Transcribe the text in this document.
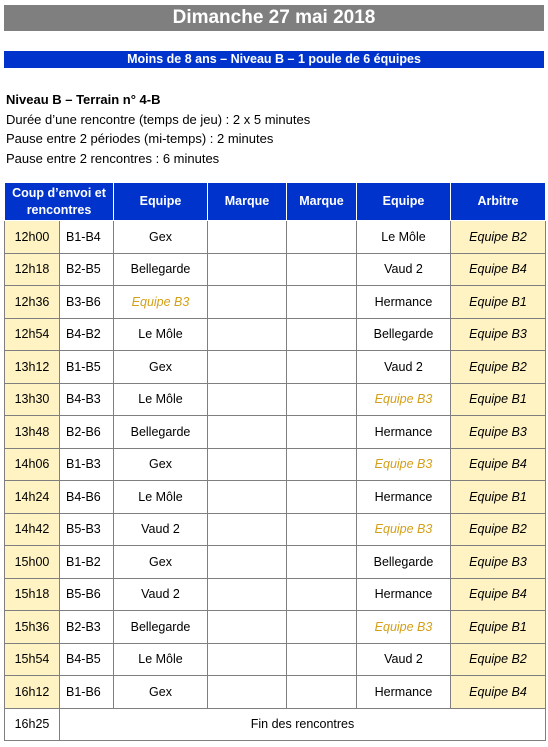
Dimanche 27 mai 2018
Moins de 8 ans – Niveau B – 1 poule de 6 équipes
Niveau B – Terrain n° 4-B
Durée d’une rencontre (temps de jeu) : 2 x 5 minutes
Pause entre 2 périodes (mi-temps) : 2 minutes
Pause entre 2 rencontres : 6 minutes
Coup d’envoi et rencontres		Equipe	Marque	Marque	Equipe	Arbitre
12h00	B1-B4	Gex			Le Môle	Equipe B2
12h18	B2-B5	Bellegarde			Vaud 2	Equipe B4
12h36	B3-B6	Equipe B3			Hermance	Equipe B1
12h54	B4-B2	Le Môle			Bellegarde	Equipe B3
13h12	B1-B5	Gex			Vaud 2	Equipe B2
13h30	B4-B3	Le Môle			Equipe B3	Equipe B1
13h48	B2-B6	Bellegarde			Hermance	Equipe B3
14h06	B1-B3	Gex			Equipe B3	Equipe B4
14h24	B4-B6	Le Môle			Hermance	Equipe B1
14h42	B5-B3	Vaud 2			Equipe B3	Equipe B2
15h00	B1-B2	Gex			Bellegarde	Equipe B3
15h18	B5-B6	Vaud 2			Hermance	Equipe B4
15h36	B2-B3	Bellegarde			Equipe B3	Equipe B1
15h54	B4-B5	Le Môle			Vaud 2	Equipe B2
16h12	B1-B6	Gex			Hermance	Equipe B4
16h25	Fin des rencontres					
